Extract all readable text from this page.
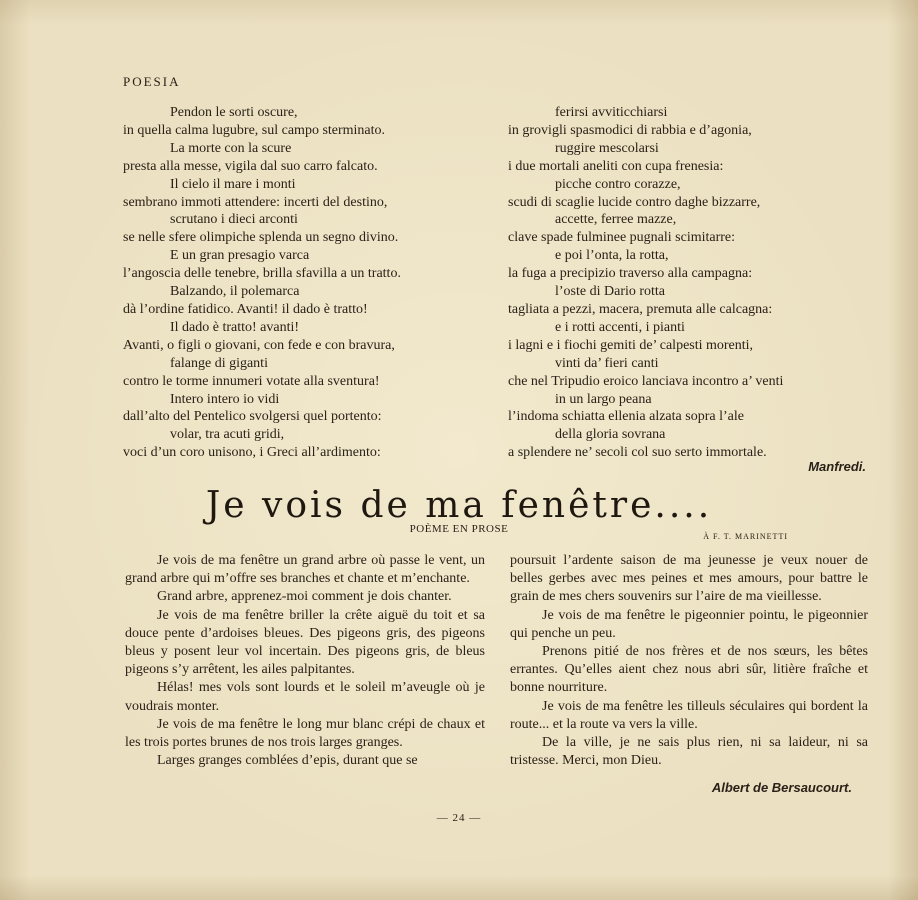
POESIA
Pendon le sorti oscure,
in quella calma lugubre, sul campo sterminato.
La morte con la scure
presta alla messe, vigila dal suo carro falcato.
Il cielo il mare i monti
sembrano immoti attendere: incerti del destino,
scrutano i dieci arconti
se nelle sfere olimpiche splenda un segno divino.
E un gran presagio varca
l’angoscia delle tenebre, brilla sfavilla a un tratto.
Balzando, il polemarca
dà l’ordine fatidico. Avanti! il dado è tratto!
Il dado è tratto! avanti!
Avanti, o figli o giovani, con fede e con bravura,
falange di giganti
contro le torme innumeri votate alla sventura!
Intero intero io vidi
dall’alto del Pentelico svolgersi quel portento:
volar, tra acuti gridi,
voci d’un coro unisono, i Greci all’ardimento:
ferirsi avviticchiarsi
in grovigli spasmodici di rabbia e d’agonia,
ruggire mescolarsi
i due mortali aneliti con cupa frenesia:
picche contro corazze,
scudi di scaglie lucide contro daghe bizzarre,
accette, ferree mazze,
clave spade fulminee pugnali scimitarre:
e poi l’onta, la rotta,
la fuga a precipizio traverso alla campagna:
l’oste di Dario rotta
tagliata a pezzi, macera, premuta alle calcagna:
e i rotti accenti, i pianti
i lagni e i fiochi gemiti de’ calpesti morenti,
vinti da’ fieri canti
che nel Tripudio eroico lanciava incontro a’ venti
in un largo peana
l’indoma schiatta ellenia alzata sopra l’ale
della gloria sovrana
a splendere ne’ secoli col suo serto immortale.
Manfredi.
Je vois de ma fenêtre....
POÈME EN PROSE
À F. T. MARINETTI

Je vois de ma fenêtre un grand arbre où passe le vent, un grand arbre qui m’offre ses branches et chante et m’enchante.

Grand arbre, apprenez-moi comment je dois chanter.

Je vois de ma fenêtre briller la crête aiguë du toit et sa douce pente d’ardoises bleues. Des pigeons gris, des pigeons bleus y posent leur vol incertain. Des pigeons gris, de bleus pigeons s’y arrêtent, les ailes palpitantes.

Hélas! mes vols sont lourds et le soleil m’aveugle où je voudrais monter.

Je vois de ma fenêtre le long mur blanc crépi de chaux et les trois portes brunes de nos trois larges granges.

Larges granges comblées d’epis, durant que se

poursuit l’ardente saison de ma jeunesse je veux nouer de belles gerbes avec mes peines et mes amours, pour battre le grain de mes chers souvenirs sur l’aire de ma vieillesse.

Je vois de ma fenêtre le pigeonnier pointu, le pigeonnier qui penche un peu.

Prenons pitié de nos frères et de nos sœurs, les bêtes errantes. Qu’elles aient chez nous abri sûr, litière fraîche et bonne nourriture.

Je vois de ma fenêtre les tilleuls séculaires qui bordent la route... et la route va vers la ville.

De la ville, je ne sais plus rien, ni sa laideur, ni sa tristesse. Merci, mon Dieu.

Albert de Bersaucourt.
— 24 —
